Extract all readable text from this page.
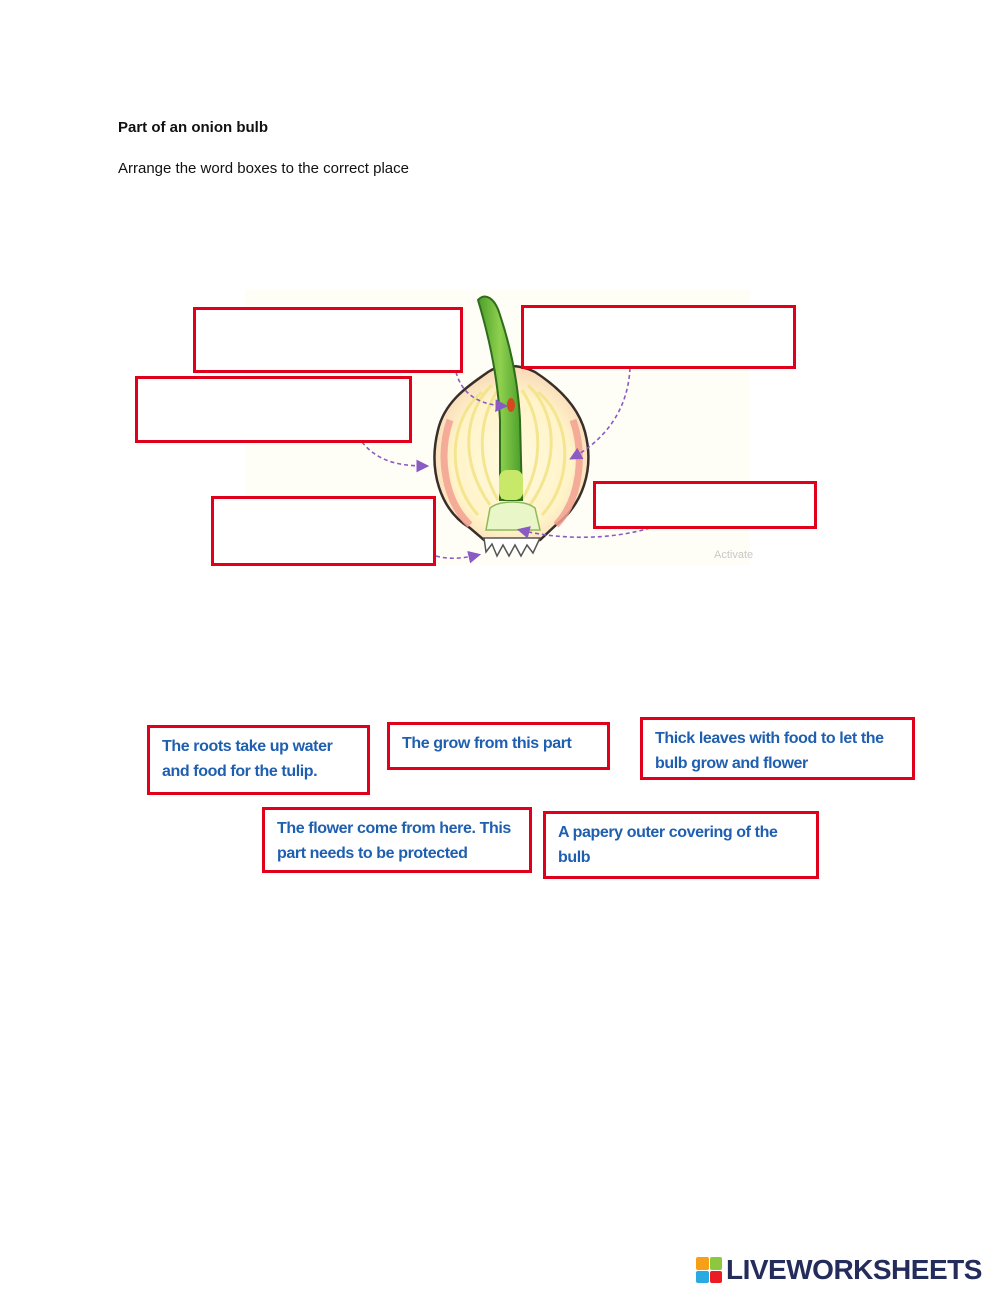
Part of an onion bulb
Arrange the word boxes to the correct place
Activate
The roots take up water and food for the tulip.
The grow from this part	Thick leaves with food to let the bulb grow and flower
The flower come from here. This part needs to be protected
A papery outer covering of the bulb
LIVEWORKSHEETS
